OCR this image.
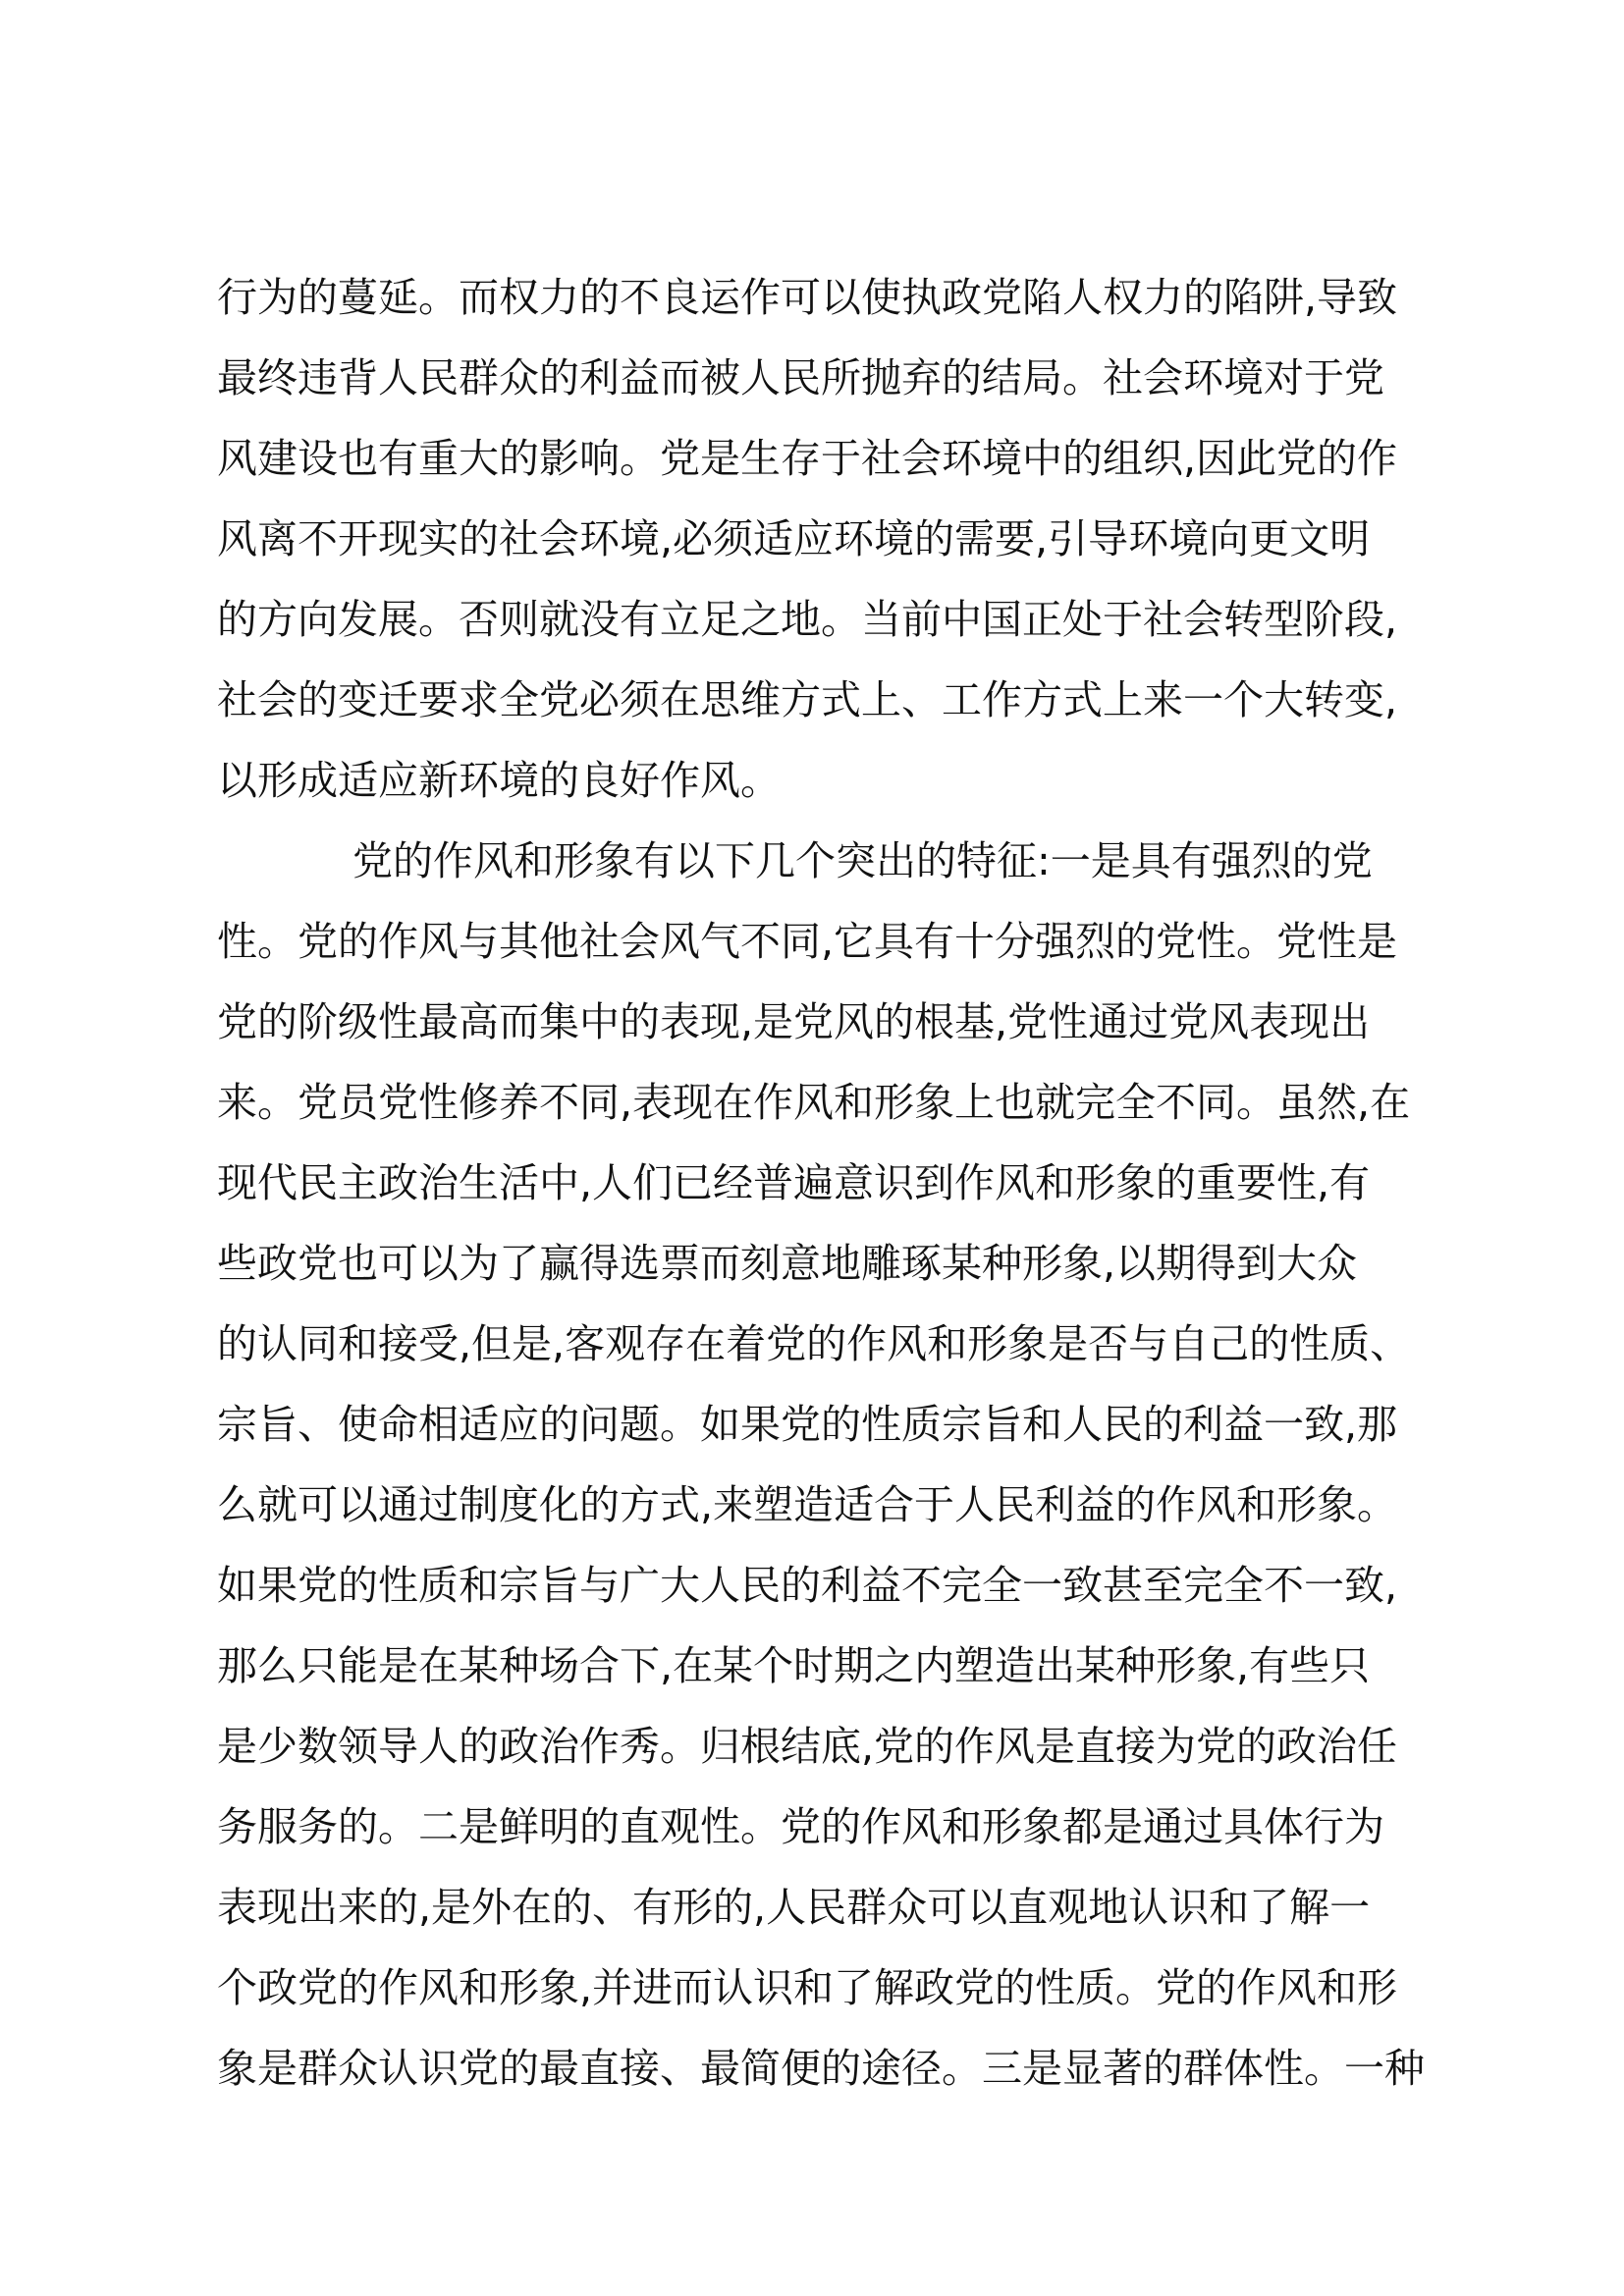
行为的蔓延。而权力的不良运作可以使执政党陷人权力的陷阱,导致
最终违背人民群众的利益而被人民所抛弃的结局。社会环境对于党
风建设也有重大的影响。党是生存于社会环境中的组织,因此党的作
风离不开现实的社会环境,必须适应环境的需要,引导环境向更文明
的方向发展。否则就没有立足之地。当前中国正处于社会转型阶段,
社会的变迁要求全党必须在思维方式上、工作方式上来一个大转变,
以形成适应新环境的良好作风。
党的作风和形象有以下几个突出的特征:一是具有强烈的党
性。党的作风与其他社会风气不同,它具有十分强烈的党性。党性是
党的阶级性最高而集中的表现,是党风的根基,党性通过党风表现出
来。党员党性修养不同,表现在作风和形象上也就完全不同。虽然,在
现代民主政治生活中,人们已经普遍意识到作风和形象的重要性,有
些政党也可以为了赢得选票而刻意地雕琢某种形象,以期得到大众
的认同和接受,但是,客观存在着党的作风和形象是否与自己的性质、
宗旨、使命相适应的问题。如果党的性质宗旨和人民的利益一致,那
么就可以通过制度化的方式,来塑造适合于人民利益的作风和形象。
如果党的性质和宗旨与广大人民的利益不完全一致甚至完全不一致,
那么只能是在某种场合下,在某个时期之内塑造出某种形象,有些只
是少数领导人的政治作秀。归根结底,党的作风是直接为党的政治任
务服务的。二是鲜明的直观性。党的作风和形象都是通过具体行为
表现出来的,是外在的、有形的,人民群众可以直观地认识和了解一
个政党的作风和形象,并进而认识和了解政党的性质。党的作风和形
象是群众认识党的最直接、最简便的途径。三是显著的群体性。一种
